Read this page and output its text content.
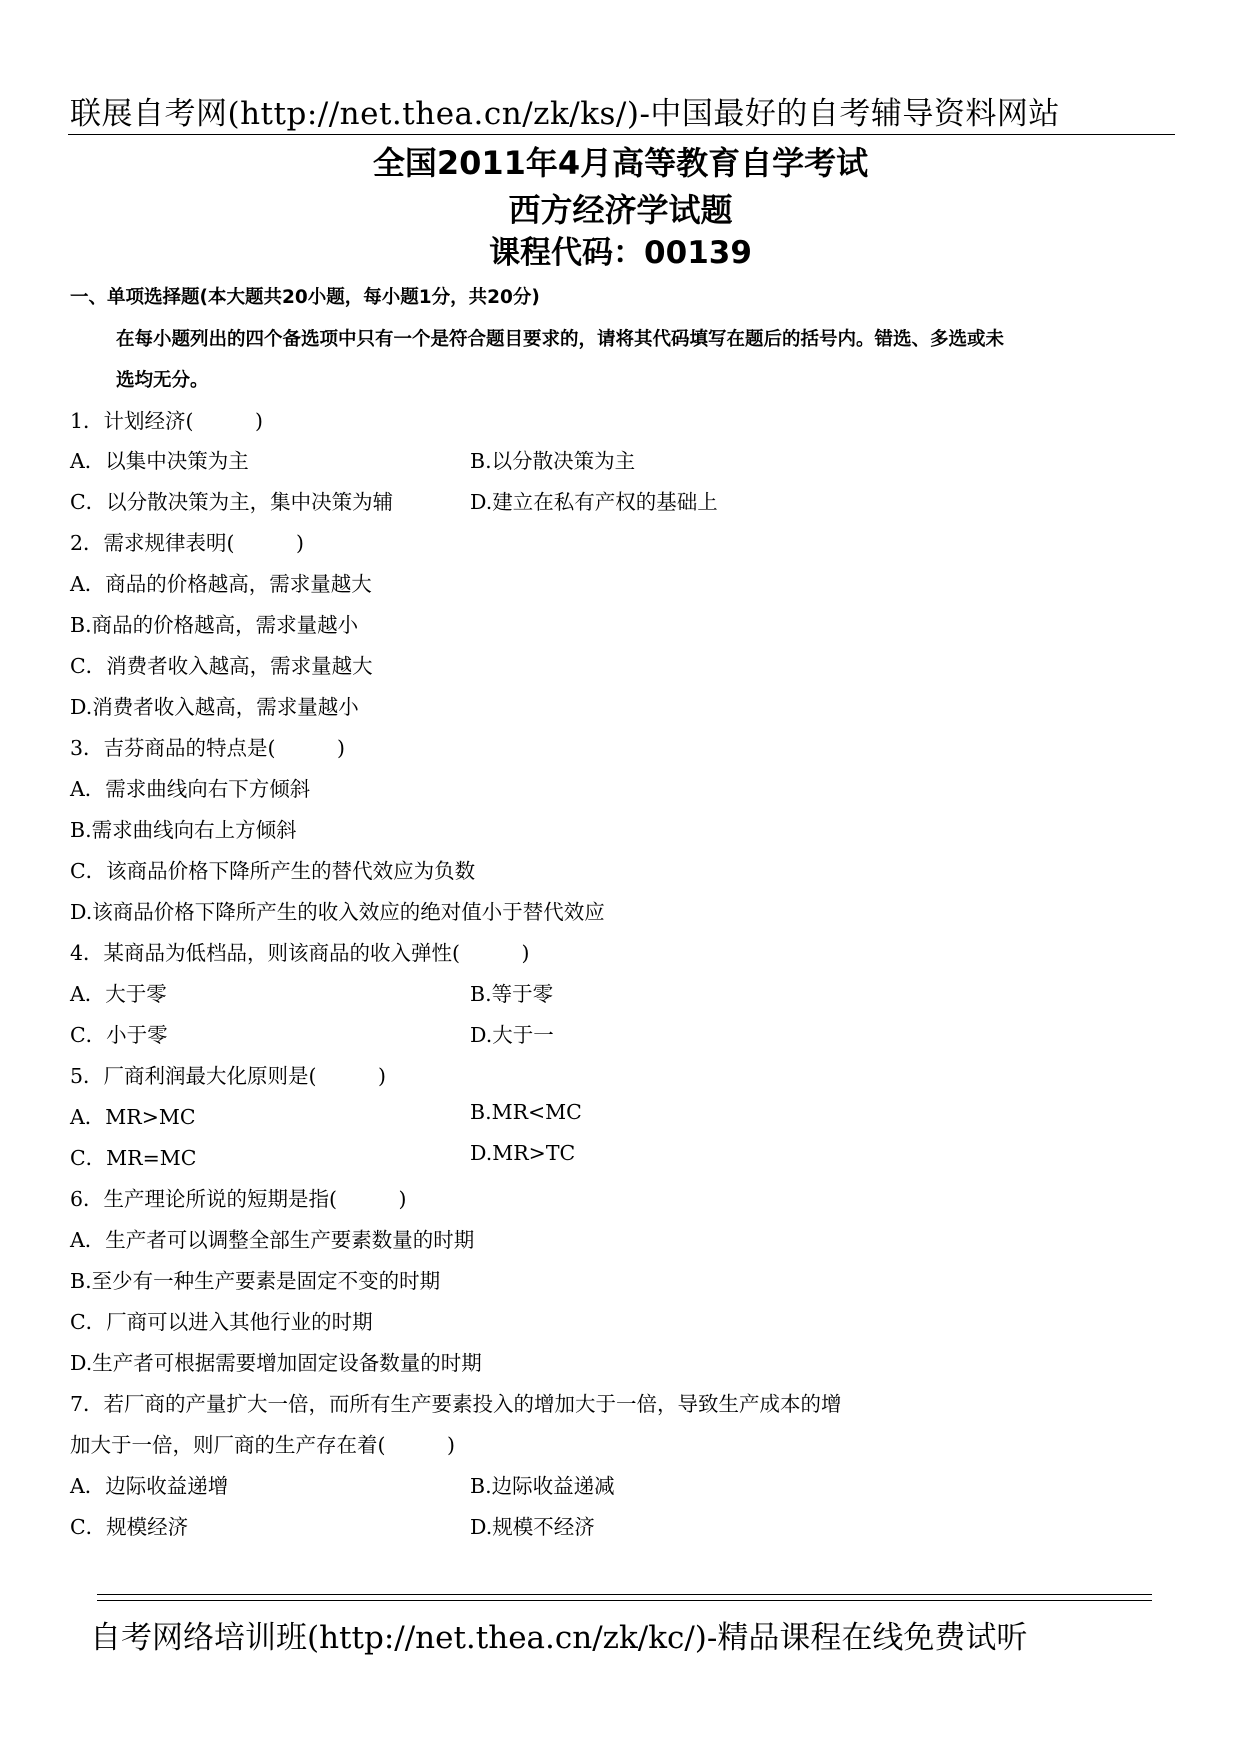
联展自考网(http://net.thea.cn/zk/ks/)-中国最好的自考辅导资料网站
全国2011年4月高等教育自学考试
西方经济学试题
课程代码：00139
一、单项选择题(本大题共20小题，每小题1分，共20分)
在每小题列出的四个备选项中只有一个是符合题目要求的，请将其代码填写在题后的括号内。错选、多选或未
选均无分。
1．计划经济(　　　)
A．以集中决策为主	B.以分散决策为主
C．以分散决策为主，集中决策为辅	D.建立在私有产权的基础上
2．需求规律表明(　　　)
A．商品的价格越高，需求量越大
B.商品的价格越高，需求量越小
C．消费者收入越高，需求量越大
D.消费者收入越高，需求量越小
3．吉芬商品的特点是(　　　)
A．需求曲线向右下方倾斜
B.需求曲线向右上方倾斜
C．该商品价格下降所产生的替代效应为负数
D.该商品价格下降所产生的收入效应的绝对值小于替代效应
4．某商品为低档品，则该商品的收入弹性(　　　)
A．大于零	B.等于零
C．小于零	D.大于一
5．厂商利润最大化原则是(　　　)
A．MR>MC	B.MR<MC
C．MR=MC	D.MR>TC
6．生产理论所说的短期是指(　　　)
A．生产者可以调整全部生产要素数量的时期
B.至少有一种生产要素是固定不变的时期
C．厂商可以进入其他行业的时期
D.生产者可根据需要增加固定设备数量的时期
7．若厂商的产量扩大一倍，而所有生产要素投入的增加大于一倍，导致生产成本的增
加大于一倍，则厂商的生产存在着(　　　)
A．边际收益递增	B.边际收益递减
C．规模经济	D.规模不经济
自考网络培训班(http://net.thea.cn/zk/kc/)-精品课程在线免费试听
